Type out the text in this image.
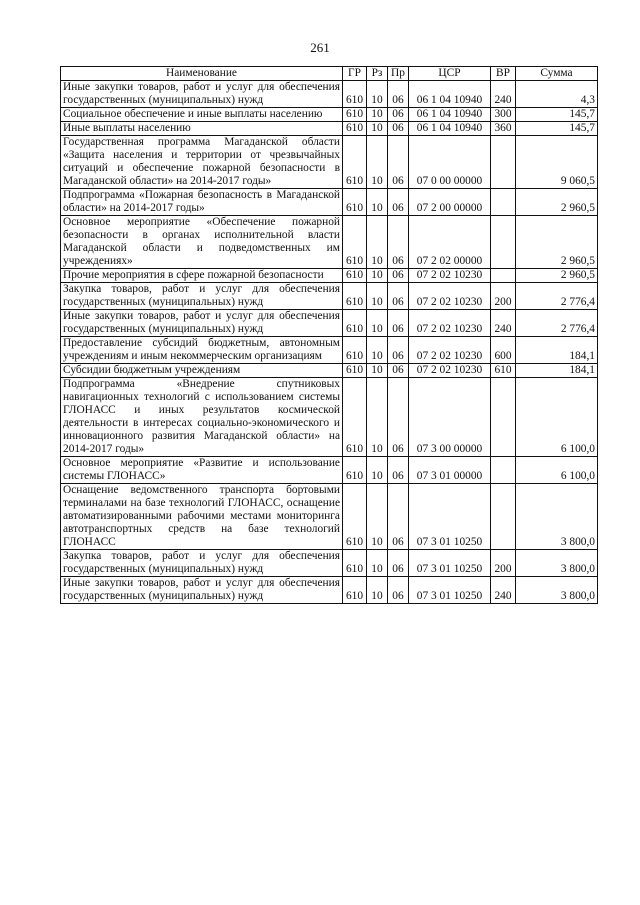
261
Наименование	ГР	Рз	Пр	ЦСР	ВР	Сумма
Иные закупки товаров, работ и услуг для обеспечения государственных (муниципальных) нужд	610	10	06	06 1 04 10940	240	4,3
Социальное обеспечение и иные выплаты населению	610	10	06	06 1 04 10940	300	145,7
Иные выплаты населению	610	10	06	06 1 04 10940	360	145,7
Государственная программа Магаданской области «Защита населения и территории от чрезвычайных ситуаций и обеспечение пожарной безопасности в Магаданской области» на 2014-2017 годы»	610	10	06	07 0 00 00000		9 060,5
Подпрограмма «Пожарная безопасность в Магаданской области» на 2014-2017 годы»	610	10	06	07 2 00 00000		2 960,5
Основное мероприятие «Обеспечение пожарной безопасности в органах исполнительной власти Магаданской области и подведомственных им учреждениях»	610	10	06	07 2 02 00000		2 960,5
Прочие мероприятия в сфере пожарной безопасности	610	10	06	07 2 02 10230		2 960,5
Закупка товаров, работ и услуг для обеспечения государственных (муниципальных) нужд	610	10	06	07 2 02 10230	200	2 776,4
Иные закупки товаров, работ и услуг для обеспечения государственных (муниципальных) нужд	610	10	06	07 2 02 10230	240	2 776,4
Предоставление субсидий бюджетным, автономным учреждениям и иным некоммерческим организациям	610	10	06	07 2 02 10230	600	184,1
Субсидии бюджетным учреждениям	610	10	06	07 2 02 10230	610	184,1
Подпрограмма «Внедрение спутниковых навигационных технологий с использованием системы ГЛОНАСС и иных результатов космической деятельности в интересах социально-экономического и инновационного развития Магаданской области» на 2014-2017 годы»	610	10	06	07 3 00 00000		6 100,0
Основное мероприятие «Развитие и использование системы ГЛОНАСС»	610	10	06	07 3 01 00000		6 100,0
Оснащение ведомственного транспорта бортовыми терминалами на базе технологий ГЛОНАСС, оснащение автоматизированными рабочими местами мониторинга автотранспортных средств на базе технологий ГЛОНАСС	610	10	06	07 3 01 10250		3 800,0
Закупка товаров, работ и услуг для обеспечения государственных (муниципальных) нужд	610	10	06	07 3 01 10250	200	3 800,0
Иные закупки товаров, работ и услуг для обеспечения государственных (муниципальных) нужд	610	10	06	07 3 01 10250	240	3 800,0
